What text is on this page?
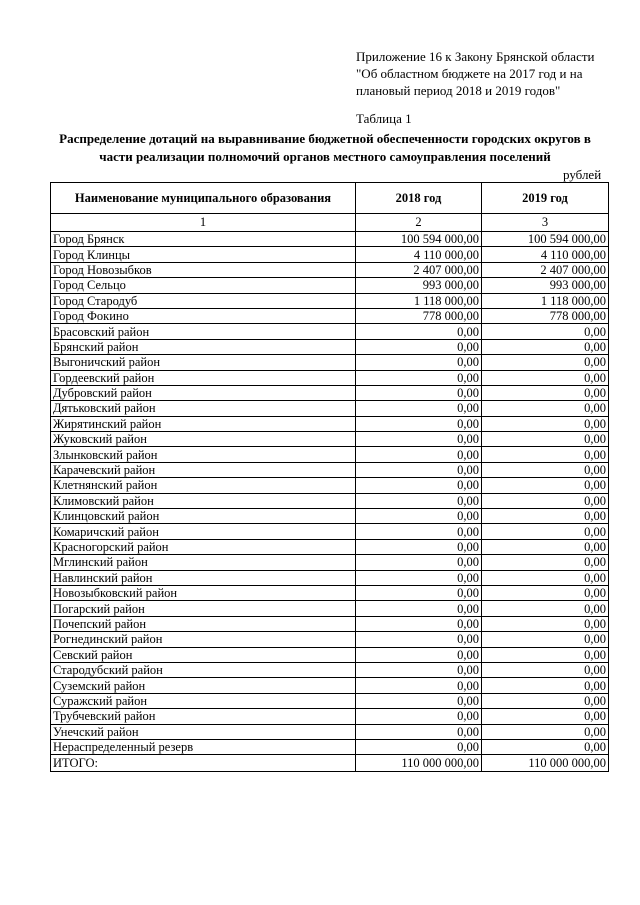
Приложение 16 к Закону Брянской области
"Об областном бюджете на 2017 год и на
плановый период 2018 и 2019 годов"
Таблица 1
Распределение дотаций на выравнивание бюджетной обеспеченности городских округов в
части реализации полномочий органов местного самоуправления поселений
рублей
Наименование муниципального образования	2018 год	2019 год
1	2	3
Город Брянск	100 594 000,00	100 594 000,00
Город Клинцы	4 110 000,00	4 110 000,00
Город Новозыбков	2 407 000,00	2 407 000,00
Город Сельцо	993 000,00	993 000,00
Город Стародуб	1 118 000,00	1 118 000,00
Город Фокино	778 000,00	778 000,00
Брасовский район	0,00	0,00
Брянский район	0,00	0,00
Выгоничский район	0,00	0,00
Гордеевский район	0,00	0,00
Дубровский район	0,00	0,00
Дятьковский район	0,00	0,00
Жирятинский район	0,00	0,00
Жуковский район	0,00	0,00
Злынковский район	0,00	0,00
Карачевский район	0,00	0,00
Клетнянский район	0,00	0,00
Климовский район	0,00	0,00
Клинцовский район	0,00	0,00
Комаричский район	0,00	0,00
Красногорский район	0,00	0,00
Мглинский район	0,00	0,00
Навлинский район	0,00	0,00
Новозыбковский район	0,00	0,00
Погарский район	0,00	0,00
Почепский район	0,00	0,00
Рогнединский район	0,00	0,00
Севский район	0,00	0,00
Стародубский район	0,00	0,00
Суземский район	0,00	0,00
Суражский район	0,00	0,00
Трубчевский район	0,00	0,00
Унечский район	0,00	0,00
Нераспределенный резерв	0,00	0,00
ИТОГО:	110 000 000,00	110 000 000,00
